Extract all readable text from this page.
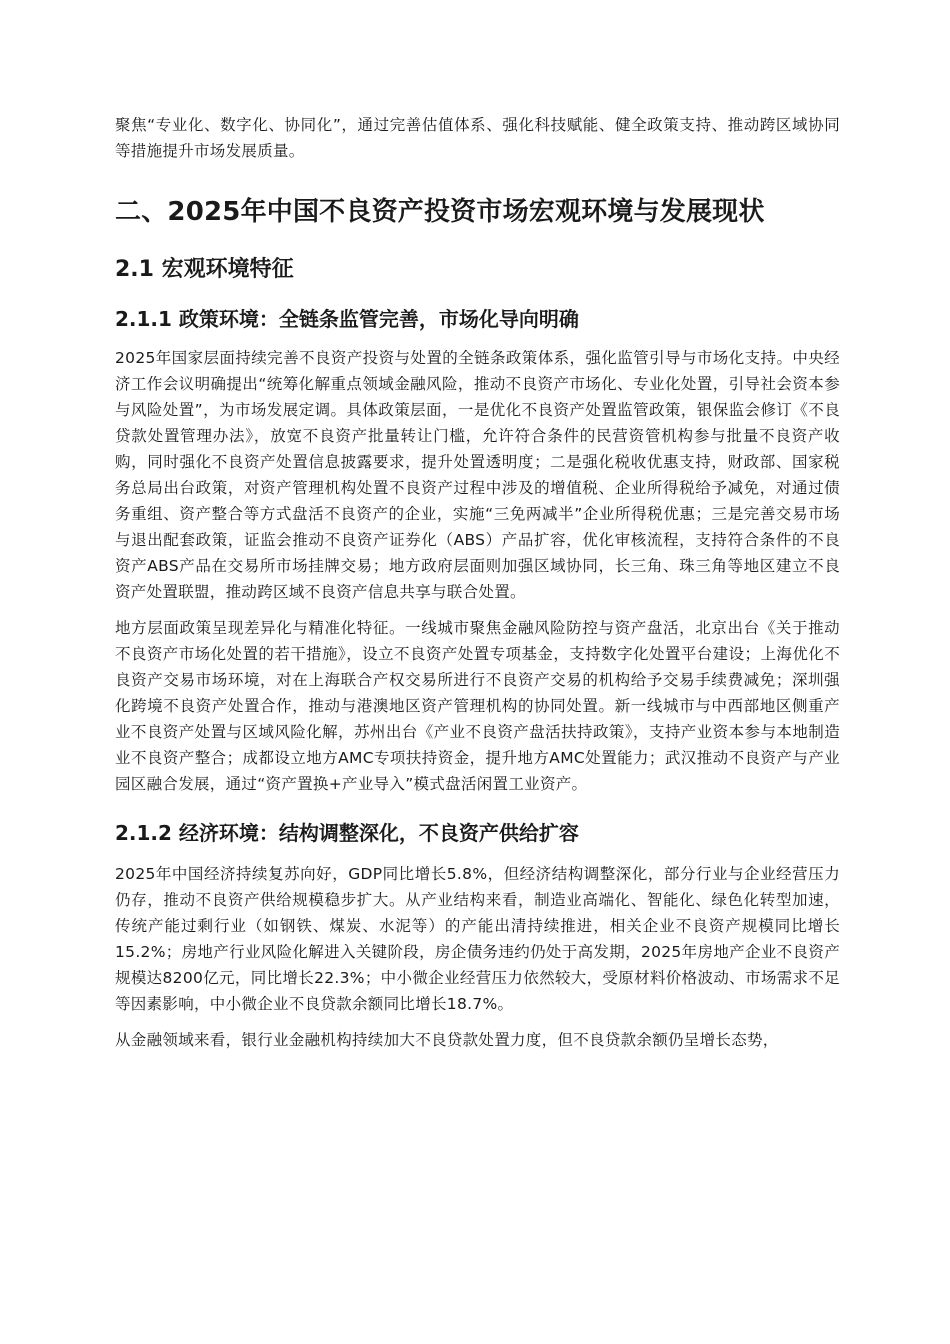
聚焦“专业化、数字化、协同化”，通过完善估值体系、强化科技赋能、健全政策支持、推动跨区域协同等措施提升市场发展质量。

二、2025年中国不良资产投资市场宏观环境与发展现状
2.1 宏观环境特征
2.1.1 政策环境：全链条监管完善，市场化导向明确

2025年国家层面持续完善不良资产投资与处置的全链条政策体系，强化监管引导与市场化支持。中央经济工作会议明确提出“统筹化解重点领域金融风险，推动不良资产市场化、专业化处置，引导社会资本参与风险处置”，为市场发展定调。具体政策层面，一是优化不良资产处置监管政策，银保监会修订《不良贷款处置管理办法》，放宽不良资产批量转让门槛，允许符合条件的民营资管机构参与批量不良资产收购，同时强化不良资产处置信息披露要求，提升处置透明度；二是强化税收优惠支持，财政部、国家税务总局出台政策，对资产管理机构处置不良资产过程中涉及的增值税、企业所得税给予减免，对通过债务重组、资产整合等方式盘活不良资产的企业，实施“三免两减半”企业所得税优惠；三是完善交易市场与退出配套政策，证监会推动不良资产证券化（ABS）产品扩容，优化审核流程，支持符合条件的不良资产ABS产品在交易所市场挂牌交易；地方政府层面则加强区域协同，长三角、珠三角等地区建立不良资产处置联盟，推动跨区域不良资产信息共享与联合处置。

地方层面政策呈现差异化与精准化特征。一线城市聚焦金融风险防控与资产盘活，北京出台《关于推动不良资产市场化处置的若干措施》，设立不良资产处置专项基金，支持数字化处置平台建设；上海优化不良资产交易市场环境，对在上海联合产权交易所进行不良资产交易的机构给予交易手续费减免；深圳强化跨境不良资产处置合作，推动与港澳地区资产管理机构的协同处置。新一线城市与中西部地区侧重产业不良资产处置与区域风险化解，苏州出台《产业不良资产盘活扶持政策》，支持产业资本参与本地制造业不良资产整合；成都设立地方AMC专项扶持资金，提升地方AMC处置能力；武汉推动不良资产与产业园区融合发展，通过“资产置换+产业导入”模式盘活闲置工业资产。

2.1.2 经济环境：结构调整深化，不良资产供给扩容

2025年中国经济持续复苏向好，GDP同比增长5.8%，但经济结构调整深化，部分行业与企业经营压力仍存，推动不良资产供给规模稳步扩大。从产业结构来看，制造业高端化、智能化、绿色化转型加速，传统产能过剩行业（如钢铁、煤炭、水泥等）的产能出清持续推进，相关企业不良资产规模同比增长15.2%；房地产行业风险化解进入关键阶段，房企债务违约仍处于高发期，2025年房地产企业不良资产规模达8200亿元，同比增长22.3%；中小微企业经营压力依然较大，受原材料价格波动、市场需求不足等因素影响，中小微企业不良贷款余额同比增长18.7%。

从金融领域来看，银行业金融机构持续加大不良贷款处置力度，但不良贷款余额仍呈增长态势，
